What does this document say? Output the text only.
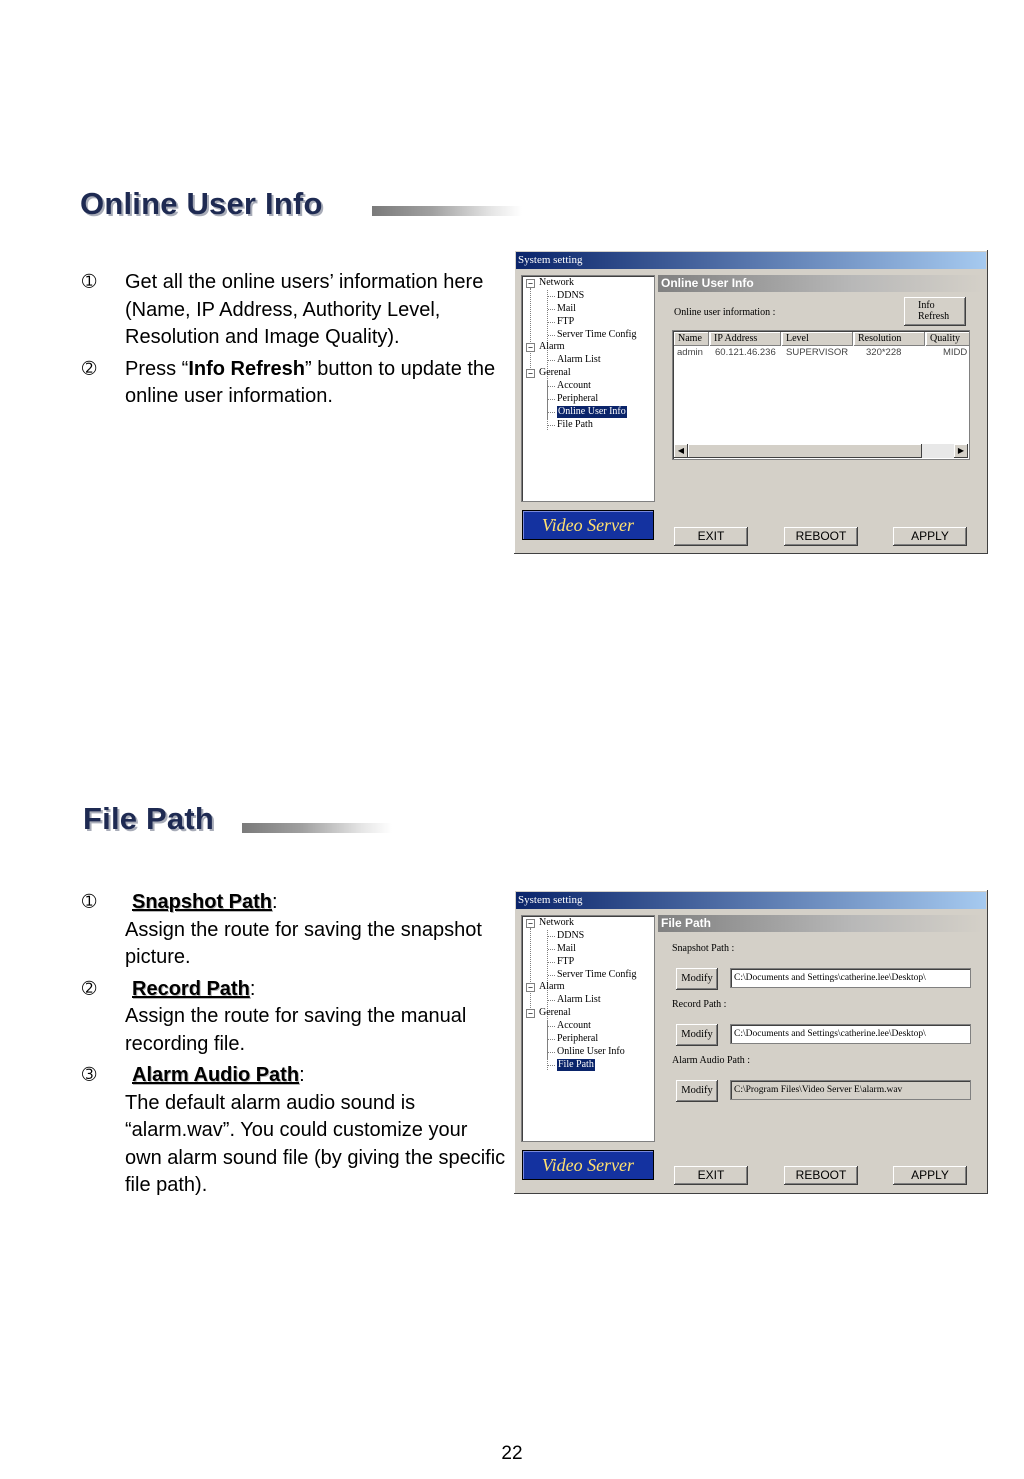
Online User Info
➀ Get all the online users’ information here (Name, IP Address, Authority Level, Resolution and Image Quality).
➁ Press “Info Refresh” button to update the online user information.
System setting
− Network
DDNS
Mail
FTP
Server Time Config
− Alarm
Alarm List
− Gerenal
Account
Peripheral
Online User Info
File Path
Video Server
Online User Info
Online user information :
Info
Refresh
Name	IP Address	Level	Resolution	Quality
admin 60.121.46.236 SUPERVISOR 320*228	MIDD
◀	▶
EXIT	REBOOT	APPLY
File Path
➀ Snapshot Path:
Assign the route for saving the snapshot picture.
➁ Record Path:
Assign the route for saving the manual recording file.
➂ Alarm Audio Path:
The default alarm audio sound is “alarm.wav”. You could customize your own alarm sound file (by giving the specific file path).
System setting
− Network
DDNS
Mail
FTP
Server Time Config
− Alarm
Alarm List
− Gerenal
Account
Peripheral
Online User Info
File Path
Video Server
File Path
Snapshot Path :
Modify	C:\Documents and Settings\catherine.lee\Desktop\
Record Path :
Modify	C:\Documents and Settings\catherine.lee\Desktop\
Alarm Audio Path :
Modify	C:\Program Files\Video Server E\alarm.wav
EXIT	REBOOT	APPLY
22
